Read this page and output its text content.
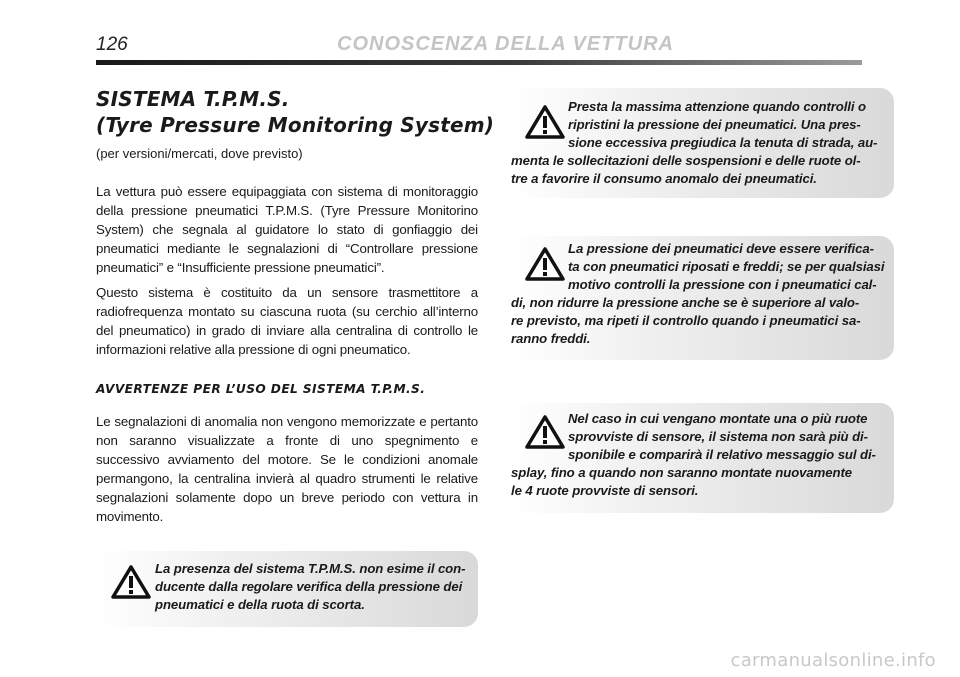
126	CONOSCENZA DELLA VETTURA
SISTEMA T.P.M.S.
(Tyre Pressure Monitoring System)
(per versioni/mercati, dove previsto)

La vettura può essere equipaggiata con sistema di monitoraggio della pressione pneumatici T.P.M.S. (Tyre Pressure Monitorino System) che segnala al guidatore lo stato di gonfiaggio dei pneumatici mediante le segnalazioni di “Controllare pressione pneumatici” e “Insufficiente pressione pneumatici”.

Questo sistema è costituito da un sensore trasmettitore a radiofrequenza montato su ciascuna ruota (su cerchio all’interno del pneumatico) in grado di inviare alla centralina di controllo le informazioni relative alla pressione di ogni pneumatico.

AVVERTENZE PER L’USO DEL SISTEMA T.P.M.S.

Le segnalazioni di anomalia non vengono memorizzate e pertanto non saranno visualizzate a fronte di uno spegnimento e successivo avviamento del motore. Se le condizioni anomale permangono, la centralina invierà al quadro strumenti le relative segnalazioni solamente dopo un breve periodo con vettura in movimento.

Presta la massima attenzione quando controlli o
ripristini la pressione dei pneumatici. Una pres-
sione eccessiva pregiudica la tenuta di strada, au-
menta le sollecitazioni delle sospensioni e delle ruote ol-
tre a favorire il consumo anomalo dei pneumatici.
La pressione dei pneumatici deve essere verifica-
ta con pneumatici riposati e freddi; se per qualsiasi
motivo controlli la pressione con i pneumatici cal-
di, non ridurre la pressione anche se è superiore al valo-
re previsto, ma ripeti il controllo quando i pneumatici sa-
ranno freddi.
Nel caso in cui vengano montate una o più ruote
sprovviste di sensore, il sistema non sarà più di-
sponibile e comparirà il relativo messaggio sul di-
splay, fino a quando non saranno montate nuovamente
le 4 ruote provviste di sensori.
La presenza del sistema T.P.M.S. non esime il con-
ducente dalla regolare verifica della pressione dei
pneumatici e della ruota di scorta.
carmanualsonline.info
